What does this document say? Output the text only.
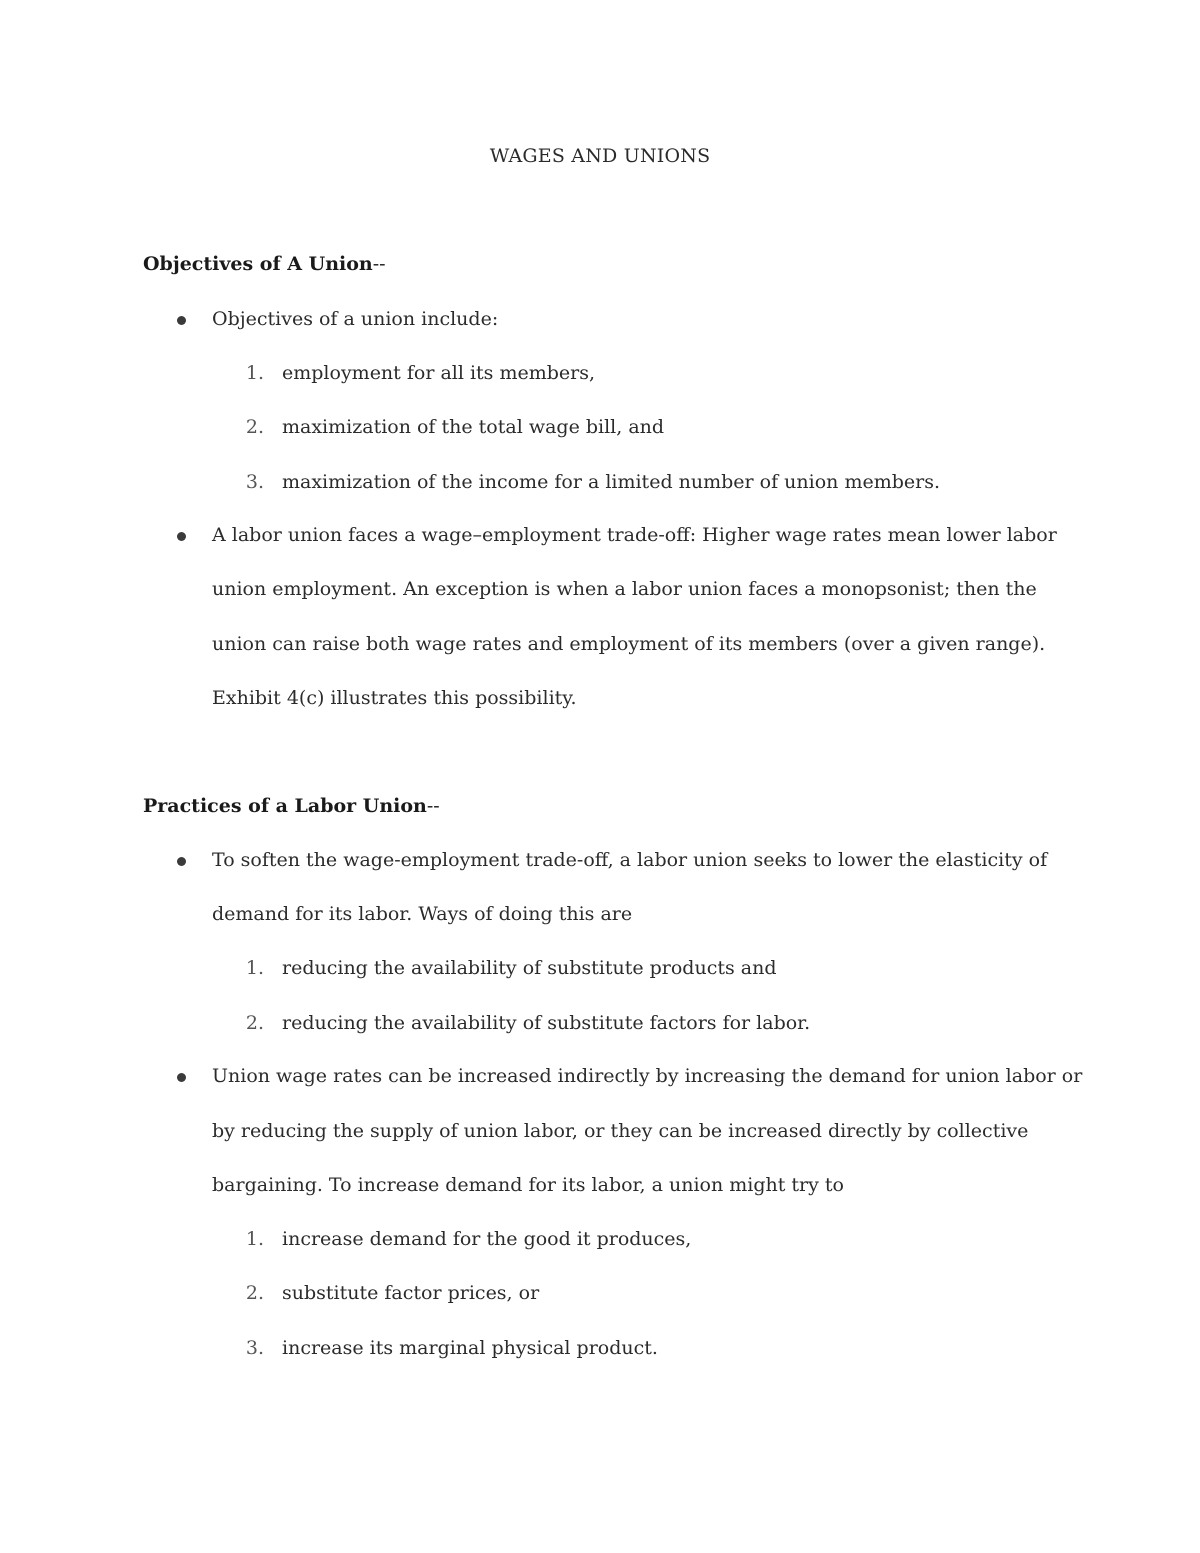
WAGES AND UNIONS
Objectives of A Union--
Objectives of a union include:
1. employment for all its members,
2. maximization of the total wage bill, and
3. maximization of the income for a limited number of union members.
A labor union faces a wage–employment trade-off: Higher wage rates mean lower labor
union employment. An exception is when a labor union faces a monopsonist; then the
union can raise both wage rates and employment of its members (over a given range).
Exhibit 4(c) illustrates this possibility.
Practices of a Labor Union--
To soften the wage-employment trade-off, a labor union seeks to lower the elasticity of
demand for its labor. Ways of doing this are
1. reducing the availability of substitute products and
2. reducing the availability of substitute factors for labor.
Union wage rates can be increased indirectly by increasing the demand for union labor or
by reducing the supply of union labor, or they can be increased directly by collective
bargaining. To increase demand for its labor, a union might try to
1. increase demand for the good it produces,
2. substitute factor prices, or
3. increase its marginal physical product.
